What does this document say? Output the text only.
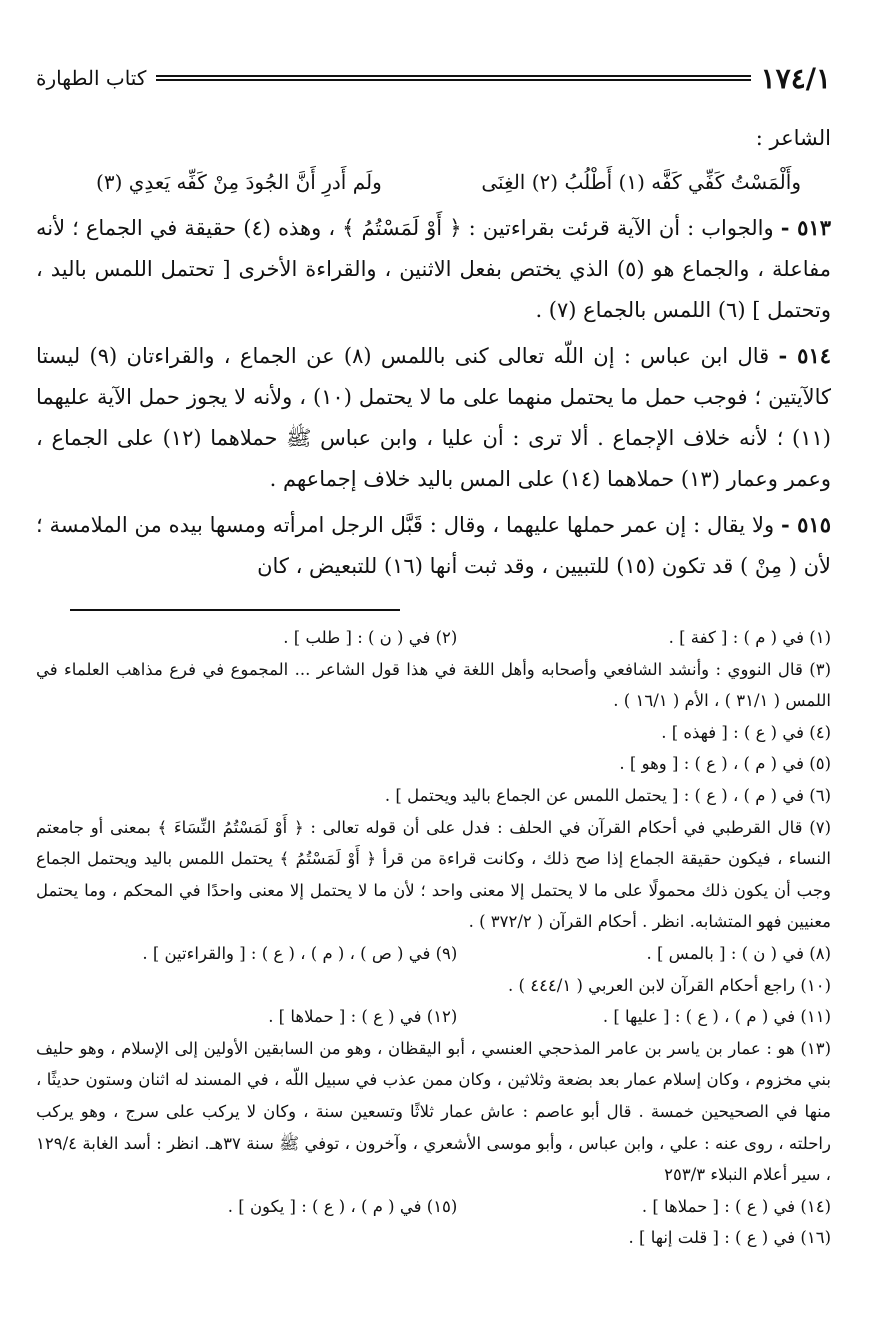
١٧٤/١
كتاب الطهارة

الشاعر :

وأَلْمَسْتُ كَفِّي كَفَّه (١) أَطْلُبُ (٢) الغِنَى
ولَم أَدرِ أَنَّ الجُودَ مِنْ كَفِّه يَعدِي (٣)

٥١٣ - والجواب : أن الآية قرئت بقراءتين : ﴿ أَوْ لَمَسْتُمُ ﴾ ، وهذه (٤) حقيقة في الجماع ؛ لأنه مفاعلة ، والجماع هو (٥) الذي يختص بفعل الاثنين ، والقراءة الأخرى [ تحتمل اللمس باليد ، وتحتمل ] (٦) اللمس بالجماع (٧) .

٥١٤ - قال ابن عباس : إن اللّه تعالى كنى باللمس (٨) عن الجماع ، والقراءتان (٩) ليستا كالآيتين ؛ فوجب حمل ما يحتمل منهما على ما لا يحتمل (١٠) ، ولأنه لا يجوز حمل الآية عليهما (١١) ؛ لأنه خلاف الإجماع . ألا ترى : أن عليا ، وابن عباس ﷺ حملاهما (١٢) على الجماع ، وعمر وعمار (١٣) حملاهما (١٤) على المس باليد خلاف إجماعهم .

٥١٥ - ولا يقال : إن عمر حملها عليهما ، وقال : قَبَّل الرجل امرأته ومسها بيده من الملامسة ؛ لأن ( مِنْ ) قد تكون (١٥) للتبيين ، وقد ثبت أنها (١٦) للتبعيض ، كان

(١) في ( م ) : [ كفة ] .
(٢) في ( ن ) : [ طلب ] .

(٣) قال النووي : وأنشد الشافعي وأصحابه وأهل اللغة في هذا قول الشاعر ... المجموع في فرع مذاهب العلماء في اللمس ( ٣١/١ ) ، الأم ( ١٦/١ ) .

(٤) في ( ع ) : [ فهذه ] .

(٥) في ( م ) ، ( ع ) : [ وهو ] .

(٦) في ( م ) ، ( ع ) : [ يحتمل اللمس عن الجماع باليد ويحتمل ] .

(٧) قال القرطبي في أحكام القرآن في الحلف : فدل على أن قوله تعالى : ﴿ أَوْ لَمَسْتُمُ النِّسَاءَ ﴾ بمعنى أو جامعتم النساء ، فيكون حقيقة الجماع إذا صح ذلك ، وكانت قراءة من قرأ ﴿ أَوْ لَمَسْتُمُ ﴾ يحتمل اللمس باليد ويحتمل الجماع وجب أن يكون ذلك محمولًا على ما لا يحتمل إلا معنى واحد ؛ لأن ما لا يحتمل إلا معنى واحدًا في المحكم ، وما يحتمل معنيين فهو المتشابه. انظر . أحكام القرآن ( ٣٧٢/٢ ) .

(٨) في ( ن ) : [ بالمس ] .
(٩) في ( ص ) ، ( م ) ، ( ع ) : [ والقراءتين ] .

(١٠) راجع أحكام القرآن لابن العربي ( ٤٤٤/١ ) .

(١١) في ( م ) ، ( ع ) : [ عليها ] .
(١٢) في ( ع ) : [ حملاها ] .

(١٣) هو : عمار بن ياسر بن عامر المذحجي العنسي ، أبو اليقظان ، وهو من السابقين الأولين إلى الإسلام ، وهو حليف بني مخزوم ، وكان إسلام عمار بعد بضعة وثلاثين ، وكان ممن عذب في سبيل اللّه ، في المسند له اثنان وستون حديثًا ، منها في الصحيحين خمسة . قال أبو عاصم : عاش عمار ثلاثًا وتسعين سنة ، وكان لا يركب على سرج ، وهو يركب راحلته ، روى عنه : علي ، وابن عباس ، وأبو موسى الأشعري ، وآخرون ، توفي ﷺ سنة ٣٧هـ. انظر : أسد الغابة ١٢٩/٤ ، سير أعلام النبلاء ٢٥٣/٣

(١٤) في ( ع ) : [ حملاها ] .
(١٥) في ( م ) ، ( ع ) : [ يكون ] .

(١٦) في ( ع ) : [ قلت إنها ] .
